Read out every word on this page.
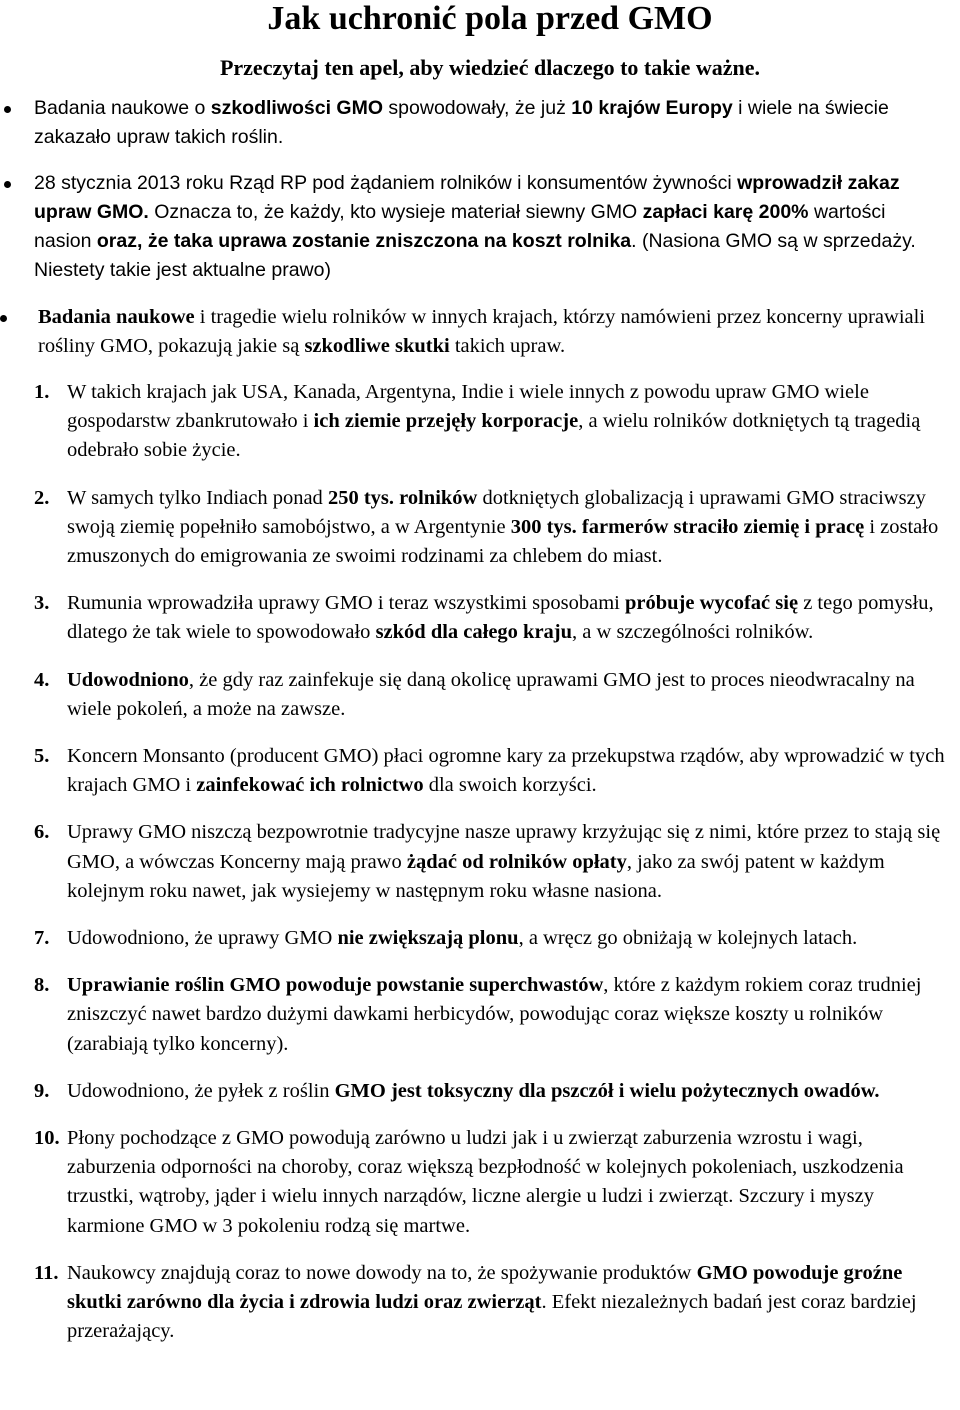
Jak uchronić pola przed GMO
Przeczytaj ten apel, aby wiedzieć dlaczego to takie ważne.
Badania naukowe o szkodliwości GMO spowodowały, że już 10 krajów Europy i wiele na świecie zakazało upraw takich roślin.
28 stycznia 2013 roku Rząd RP pod żądaniem rolników i konsumentów żywności wprowadził zakaz upraw GMO. Oznacza to, że każdy, kto wysieje materiał siewny GMO zapłaci karę 200% wartości nasion oraz, że taka uprawa zostanie zniszczona na koszt rolnika. (Nasiona GMO są w sprzedaży. Niestety takie jest aktualne prawo)
Badania naukowe i tragedie wielu rolników w innych krajach, którzy namówieni przez koncerny uprawiali rośliny GMO, pokazują jakie są szkodliwe skutki takich upraw.
1. W takich krajach jak USA, Kanada, Argentyna, Indie i wiele innych z powodu upraw GMO wiele gospodarstw zbankrutowało i ich ziemie przejęły korporacje, a wielu rolników dotkniętych tą tragedią odebrało sobie życie.
2. W samych tylko Indiach ponad 250 tys. rolników dotkniętych globalizacją i uprawami GMO straciwszy swoją ziemię popełniło samobójstwo, a w Argentynie 300 tys. farmerów straciło ziemię i pracę i zostało zmuszonych do emigrowania ze swoimi rodzinami za chlebem do miast.
3. Rumunia wprowadziła uprawy GMO i teraz wszystkimi sposobami próbuje wycofać się z tego pomysłu, dlatego że tak wiele to spowodowało szkód dla całego kraju, a w szczególności rolników.
4. Udowodniono, że gdy raz zainfekuje się daną okolicę uprawami GMO jest to proces nieodwracalny na wiele pokoleń, a może na zawsze.
5. Koncern Monsanto (producent GMO) płaci ogromne kary za przekupstwa rządów, aby wprowadzić w tych krajach GMO i zainfekować ich rolnictwo dla swoich korzyści.
6. Uprawy GMO niszczą bezpowrotnie tradycyjne nasze uprawy krzyżując się z nimi, które przez to stają się GMO, a wówczas Koncerny mają prawo żądać od rolników opłaty, jako za swój patent w każdym kolejnym roku nawet, jak wysiejemy w następnym roku własne nasiona.
7. Udowodniono, że uprawy GMO nie zwiększają plonu, a wręcz go obniżają w kolejnych latach.
8. Uprawianie roślin GMO powoduje powstanie superchwastów, które z każdym rokiem coraz trudniej zniszczyć nawet bardzo dużymi dawkami herbicydów, powodując coraz większe koszty u rolników (zarabiają tylko koncerny).
9. Udowodniono, że pyłek z roślin GMO jest toksyczny dla pszczół i wielu pożytecznych owadów.
10. Płony pochodzące z GMO powodują zarówno u ludzi jak i u zwierząt zaburzenia wzrostu i wagi, zaburzenia odporności na choroby, coraz większą bezpłodność w kolejnych pokoleniach, uszkodzenia trzustki, wątroby, jąder i wielu innych narządów, liczne alergie u ludzi i zwierząt. Szczury i myszy karmione GMO w 3 pokoleniu rodzą się martwe.
11. Naukowcy znajdują coraz to nowe dowody na to, że spożywanie produktów GMO powoduje groźne skutki zarówno dla życia i zdrowia ludzi oraz zwierząt. Efekt niezależnych badań jest coraz bardziej przerażający.
